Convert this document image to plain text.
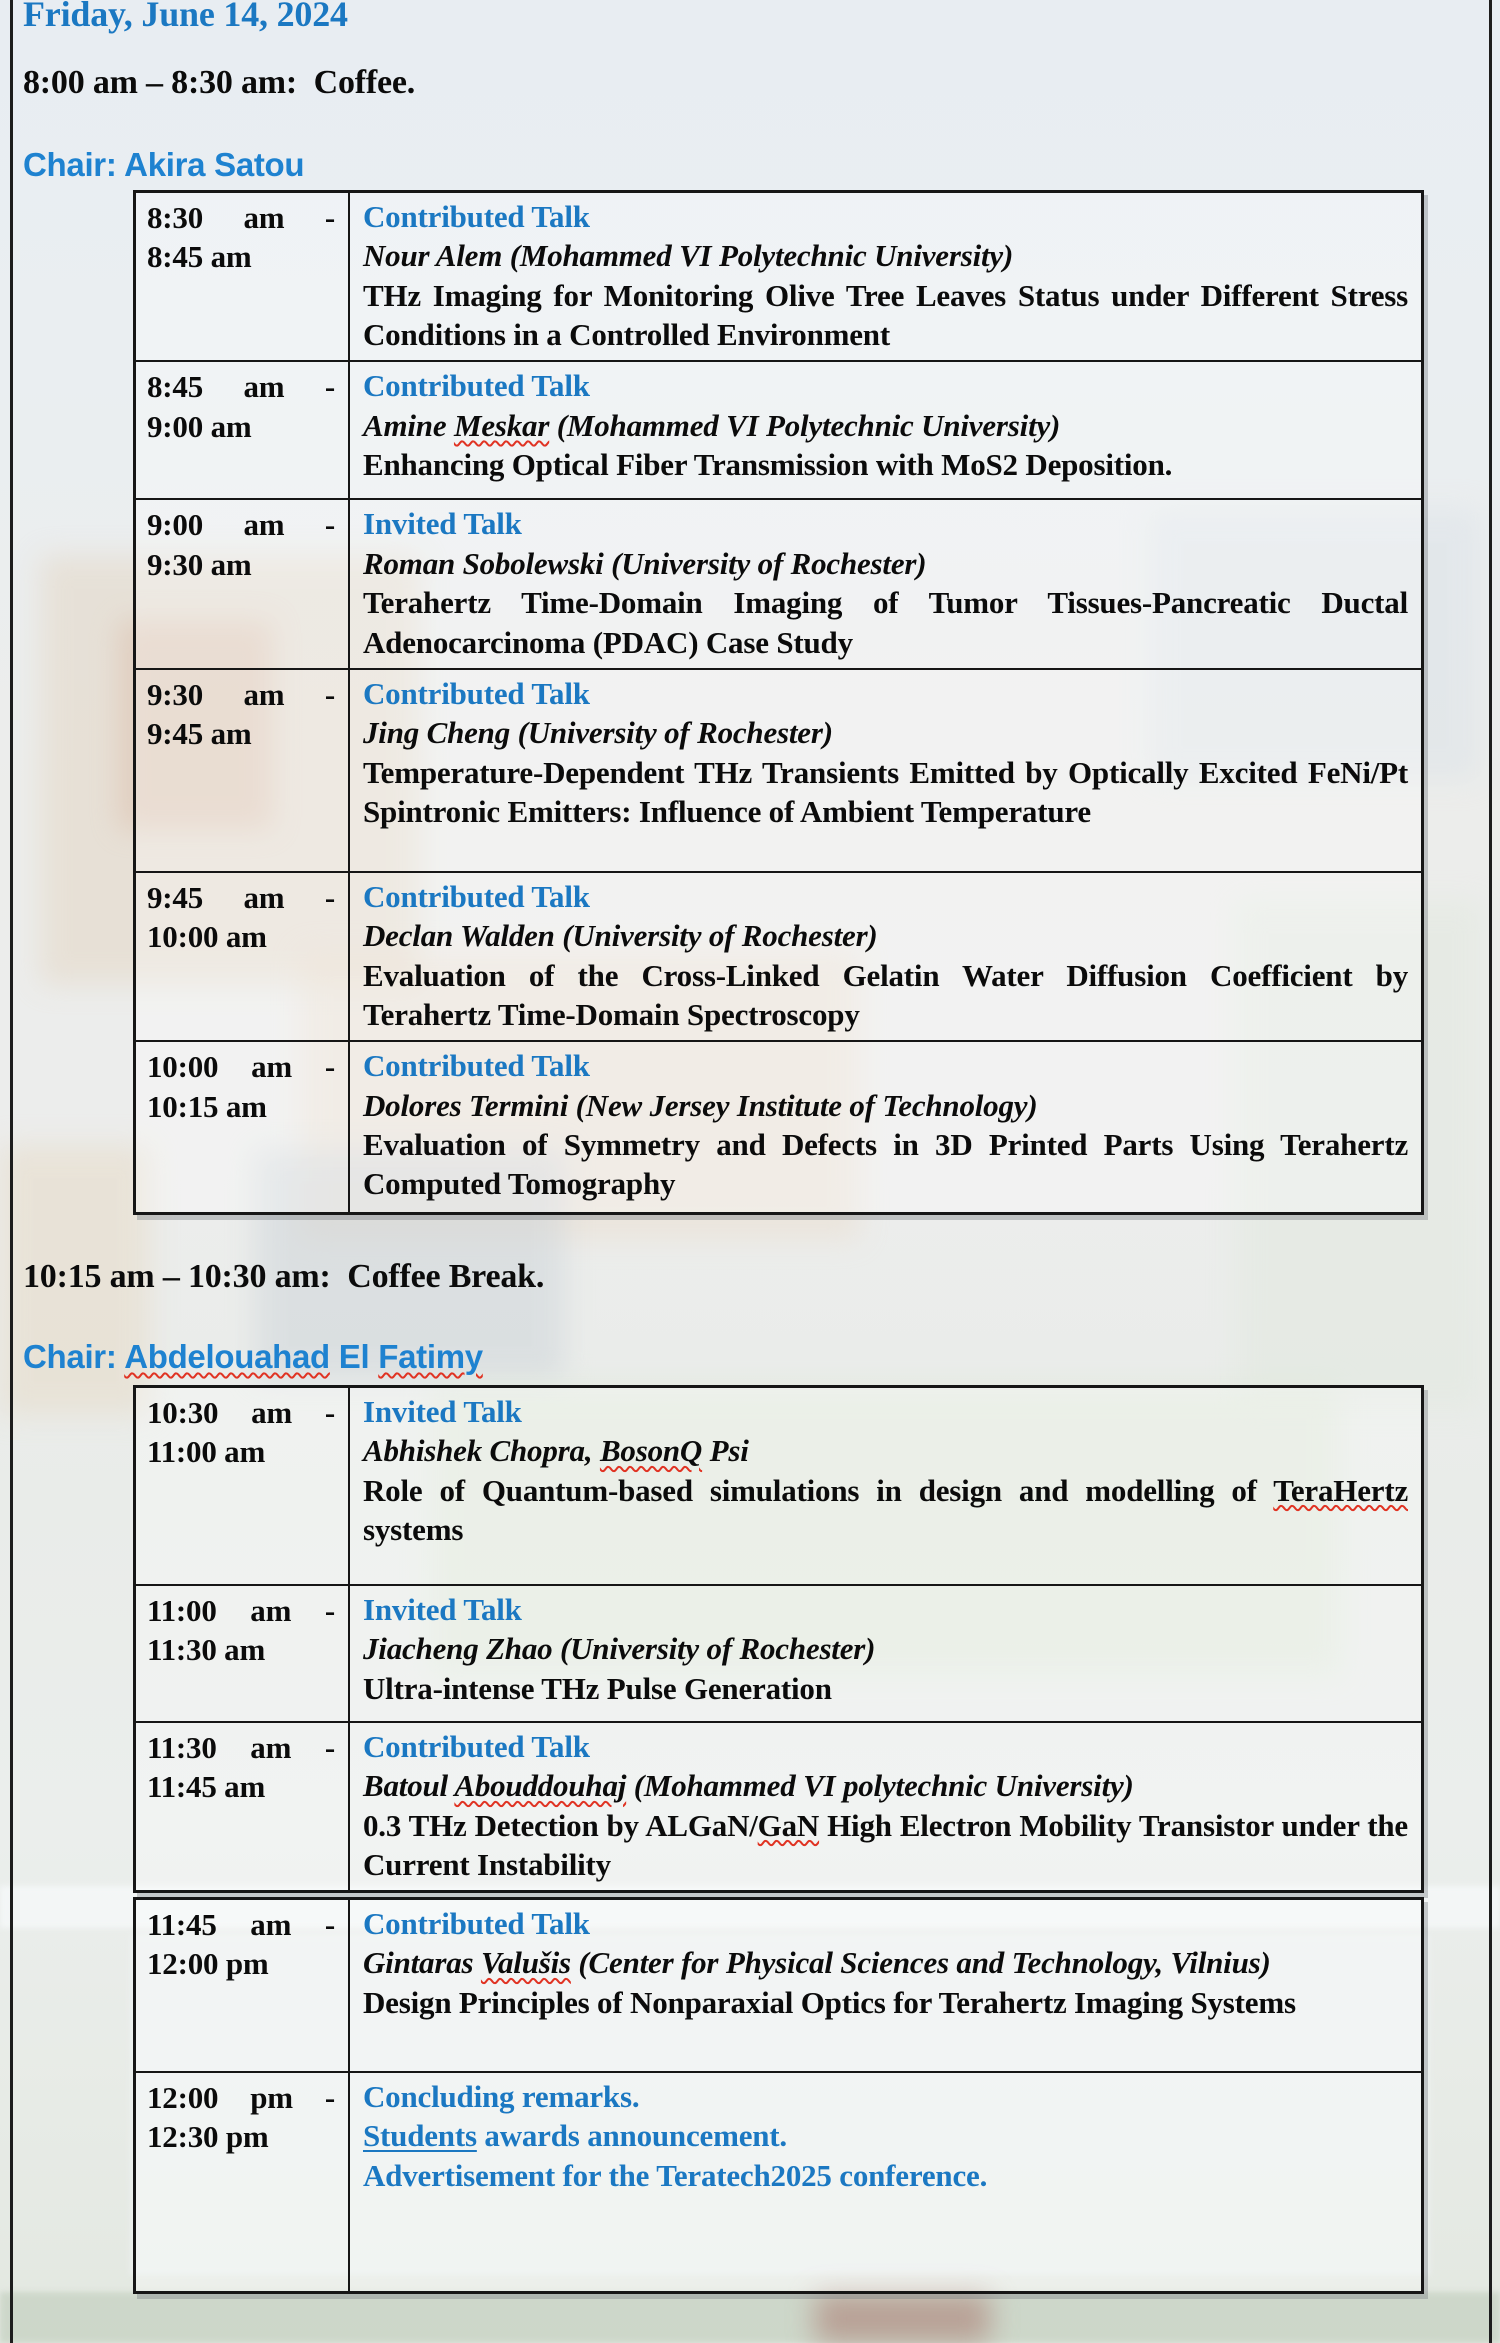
Friday, June 14, 2024

8:00 am – 8:30 am:  Coffee.

Chair: Akira Satou

8:30 am -
8:45 am
Contributed Talk
Nour Alem (Mohammed VI Polytechnic University)
THz Imaging for Monitoring Olive Tree Leaves Status under Different Stress Conditions in a Controlled Environment
8:45 am -
9:00 am
Contributed Talk
Amine Meskar (Mohammed VI Polytechnic University)
Enhancing Optical Fiber Transmission with MoS2 Deposition.
9:00 am -
9:30 am
Invited Talk
Roman Sobolewski (University of Rochester)
Terahertz Time-Domain Imaging of Tumor Tissues-Pancreatic Ductal Adenocarcinoma (PDAC) Case Study
9:30 am -
9:45 am
Contributed Talk
Jing Cheng (University of Rochester)
Temperature-Dependent THz Transients Emitted by Optically Excited FeNi/Pt Spintronic Emitters: Influence of Ambient Temperature
9:45 am -
10:00 am
Contributed Talk
Declan Walden (University of Rochester)
Evaluation of the Cross-Linked Gelatin Water Diffusion Coefficient by Terahertz Time-Domain Spectroscopy
10:00 am -
10:15 am
Contributed Talk
Dolores Termini (New Jersey Institute of Technology)
Evaluation of Symmetry and Defects in 3D Printed Parts Using Terahertz Computed Tomography

10:15 am – 10:30 am:  Coffee Break.

Chair: Abdelouahad El Fatimy

10:30 am -
11:00 am
Invited Talk
Abhishek Chopra, BosonQ Psi
Role of Quantum-based simulations in design and modelling of TeraHertz systems
11:00 am -
11:30 am
Invited Talk
Jiacheng Zhao (University of Rochester)
Ultra-intense THz Pulse Generation
11:30 am -
11:45 am
Contributed Talk
Batoul Abouddouhaj (Mohammed VI polytechnic University)
0.3 THz Detection by ALGaN/GaN High Electron Mobility Transistor under the Current Instability
11:45 am -
12:00 pm
Contributed Talk
Gintaras Valušis (Center for Physical Sciences and Technology, Vilnius)
Design Principles of Nonparaxial Optics for Terahertz Imaging Systems
12:00 pm -
12:30 pm
Concluding remarks.
Students awards announcement.
Advertisement for the Teratech2025 conference.
